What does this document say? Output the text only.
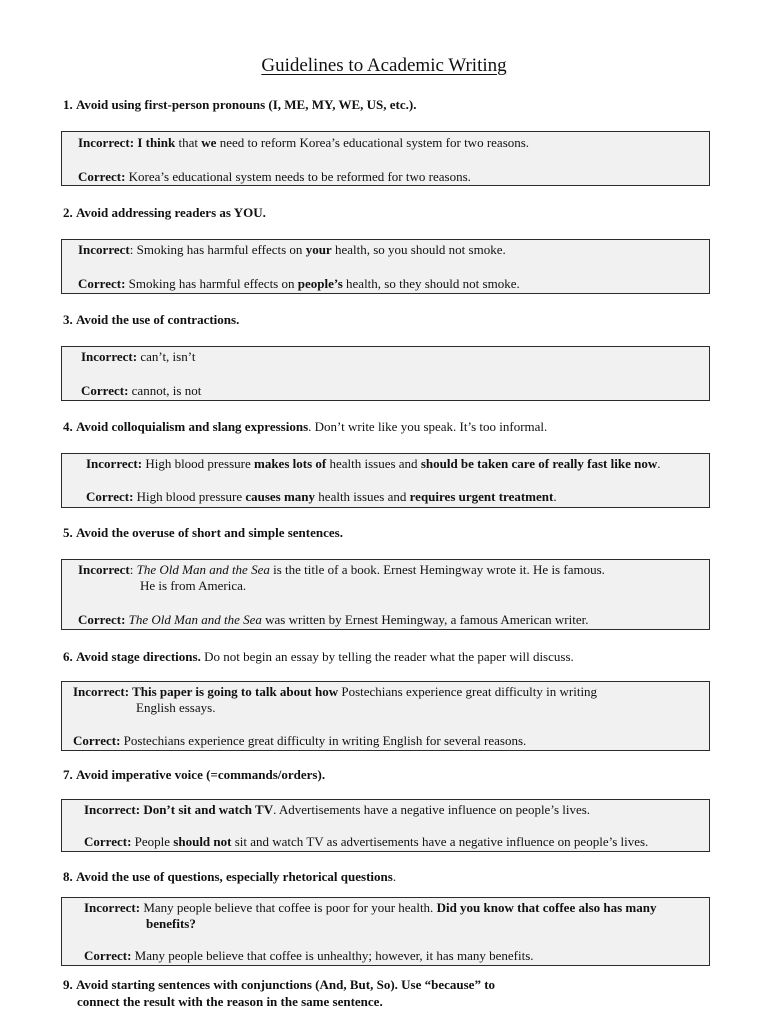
Guidelines to Academic Writing
1. Avoid using first-person pronouns (I, ME, MY, WE, US, etc.).
Incorrect: I think that we need to reform Korea’s educational system for two reasons.
Correct: Korea’s educational system needs to be reformed for two reasons.
2. Avoid addressing readers as YOU.
Incorrect: Smoking has harmful effects on your health, so you should not smoke.
Correct: Smoking has harmful effects on people’s health, so they should not smoke.
3. Avoid the use of contractions.
Incorrect: can’t, isn’t
Correct: cannot, is not
4. Avoid colloquialism and slang expressions. Don’t write like you speak. It’s too informal.
Incorrect: High blood pressure makes lots of health issues and should be taken care of really fast like now.
Correct: High blood pressure causes many health issues and requires urgent treatment.
5. Avoid the overuse of short and simple sentences.
Incorrect: The Old Man and the Sea is the title of a book. Ernest Hemingway wrote it. He is famous.
He is from America.
Correct: The Old Man and the Sea was written by Ernest Hemingway, a famous American writer.
6. Avoid stage directions. Do not begin an essay by telling the reader what the paper will discuss.
Incorrect: This paper is going to talk about how Postechians experience great difficulty in writing
English essays.
Correct: Postechians experience great difficulty in writing English for several reasons.
7. Avoid imperative voice (=commands/orders).
Incorrect: Don’t sit and watch TV. Advertisements have a negative influence on people’s lives.
Correct: People should not sit and watch TV as advertisements have a negative influence on people’s lives.
8. Avoid the use of questions, especially rhetorical questions.
Incorrect: Many people believe that coffee is poor for your health. Did you know that coffee also has many
benefits?
Correct: Many people believe that coffee is unhealthy; however, it has many benefits.
9. Avoid starting sentences with conjunctions (And, But, So). Use “because” to
connect the result with the reason in the same sentence.
